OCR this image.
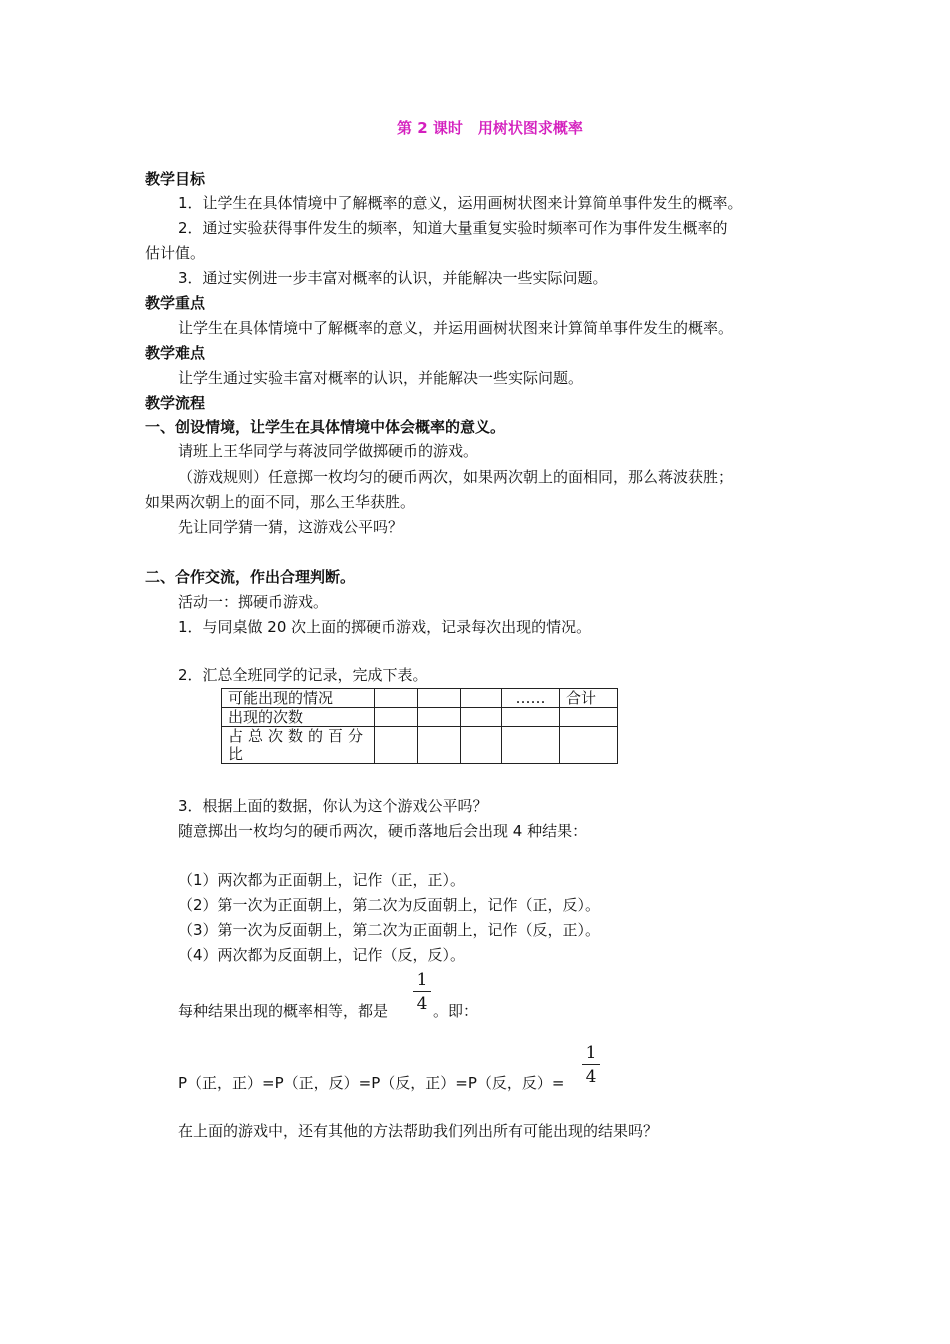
第 2 课时　用树状图求概率
教学目标
1．让学生在具体情境中了解概率的意义，运用画树状图来计算简单事件发生的概率。
2．通过实验获得事件发生的频率，知道大量重复实验时频率可作为事件发生概率的
估计值。
3．通过实例进一步丰富对概率的认识，并能解决一些实际问题。
教学重点
让学生在具体情境中了解概率的意义，并运用画树状图来计算简单事件发生的概率。
教学难点
让学生通过实验丰富对概率的认识，并能解决一些实际问题。
教学流程
一、创设情境，让学生在具体情境中体会概率的意义。
请班上王华同学与蒋波同学做掷硬币的游戏。
（游戏规则）任意掷一枚均匀的硬币两次，如果两次朝上的面相同，那么蒋波获胜；
如果两次朝上的面不同，那么王华获胜。
先让同学猜一猜，这游戏公平吗？
二、合作交流，作出合理判断。
活动一：掷硬币游戏。
1．与同桌做 20 次上面的掷硬币游戏，记录每次出现的情况。
2．汇总全班同学的记录，完成下表。
可能出现的情况				……	合计
出现的次数					

占总次数的百分比					

3．根据上面的数据，你认为这个游戏公平吗？
随意掷出一枚均匀的硬币两次，硬币落地后会出现 4 种结果：
（1）两次都为正面朝上，记作（正，正）。
（2）第一次为正面朝上，第二次为反面朝上，记作（正，反）。
（3）第一次为反面朝上，第二次为正面朝上，记作（反，正）。
（4）两次都为反面朝上，记作（反，反）。
每种结果出现的概率相等，都是
1
4 。即：
P（正，正）=P（正，反）=P（反，正）=P（反，反）=
1
4
在上面的游戏中，还有其他的方法帮助我们列出所有可能出现的结果吗？
